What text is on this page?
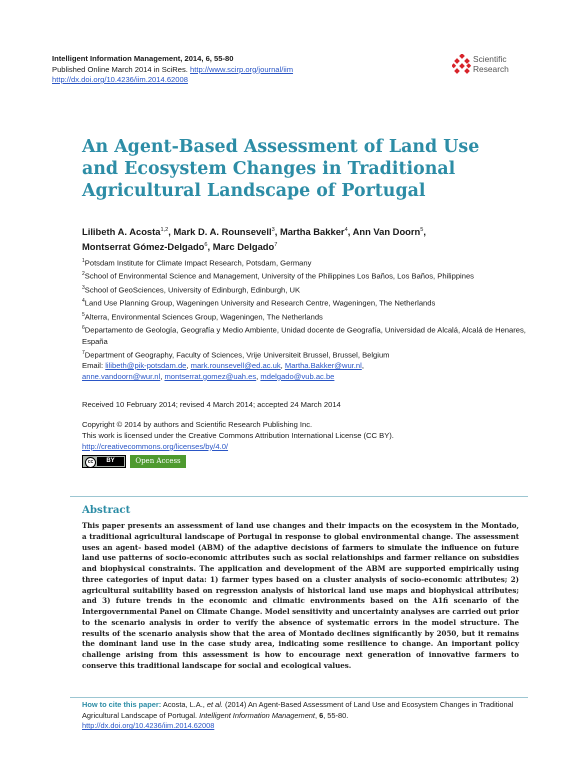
Intelligent Information Management, 2014, 6, 55-80
Published Online March 2014 in SciRes. http://www.scirp.org/journal/iim
http://dx.doi.org/10.4236/iim.2014.62008
Scientific
Research
An Agent-Based Assessment of Land Use and Ecosystem Changes in Traditional Agricultural Landscape of Portugal
Lilibeth A. Acosta$^{1,2}$, Mark D. A. Rounsevell$^3$, Martha Bakker$^4$, Ann Van Doorn$^5$,
Montserrat Gómez-Delgado$^6$, Marc Delgado$^7$
$^1$Potsdam Institute for Climate Impact Research, Potsdam, Germany
$^2$School of Environmental Science and Management, University of the Philippines Los Baños, Los Baños, Philippines
$^3$School of GeoSciences, University of Edinburgh, Edinburgh, UK
$^4$Land Use Planning Group, Wageningen University and Research Centre, Wageningen, The Netherlands
$^5$Alterra, Environmental Sciences Group, Wageningen, The Netherlands
$^6$Departamento de Geología, Geografía y Medio Ambiente, Unidad docente de Geografía, Universidad de Alcalá, Alcalá de Henares, España
$^7$Department of Geography, Faculty of Sciences, Vrije Universiteit Brussel, Brussel, Belgium
Email: lilibeth@pik-potsdam.de, mark.rounsevell@ed.ac.uk, Martha.Bakker@wur.nl,
anne.vandoorn@wur.nl, montserrat.gomez@uah.es, mdelgado@vub.ac.be
Received 10 February 2014; revised 4 March 2014; accepted 24 March 2014
Copyright © 2014 by authors and Scientific Research Publishing Inc.
This work is licensed under the Creative Commons Attribution International License (CC BY).
http://creativecommons.org/licenses/by/4.0/
cc	BY	Open Access
Abstract
This paper presents an assessment of land use changes and their impacts on the ecosystem in the Montado, a traditional agricultural landscape of Portugal in response to global environmental change. The assessment uses an agent- based model (ABM) of the adaptive decisions of farmers to simulate the influence on future land use patterns of socio-economic attributes such as social relationships and farmer reliance on subsidies and biophysical constraints. The application and development of the ABM are supported empirically using three categories of input data: 1) farmer types based on a cluster analysis of socio-economic attributes; 2) agricultural suitability based on regression analysis of historical land use maps and biophysical attributes; and 3) future trends in the economic and climatic environments based on the A1fi scenario of the Intergovernmental Panel on Climate Change. Model sensitivity and uncertainty analyses are carried out prior to the scenario analysis in order to verify the absence of systematic errors in the model structure. The results of the scenario analysis show that the area of Montado declines significantly by 2050, but it remains the dominant land use in the case study area, indicating some resilience to change. An important policy challenge arising from this assessment is how to encourage next generation of innovative farmers to conserve this traditional landscape for social and ecological values.
How to cite this paper: Acosta, L.A., et al. (2014) An Agent-Based Assessment of Land Use and Ecosystem Changes in Traditional Agricultural Landscape of Portugal. Intelligent Information Management, 6, 55-80.
http://dx.doi.org/10.4236/iim.2014.62008
